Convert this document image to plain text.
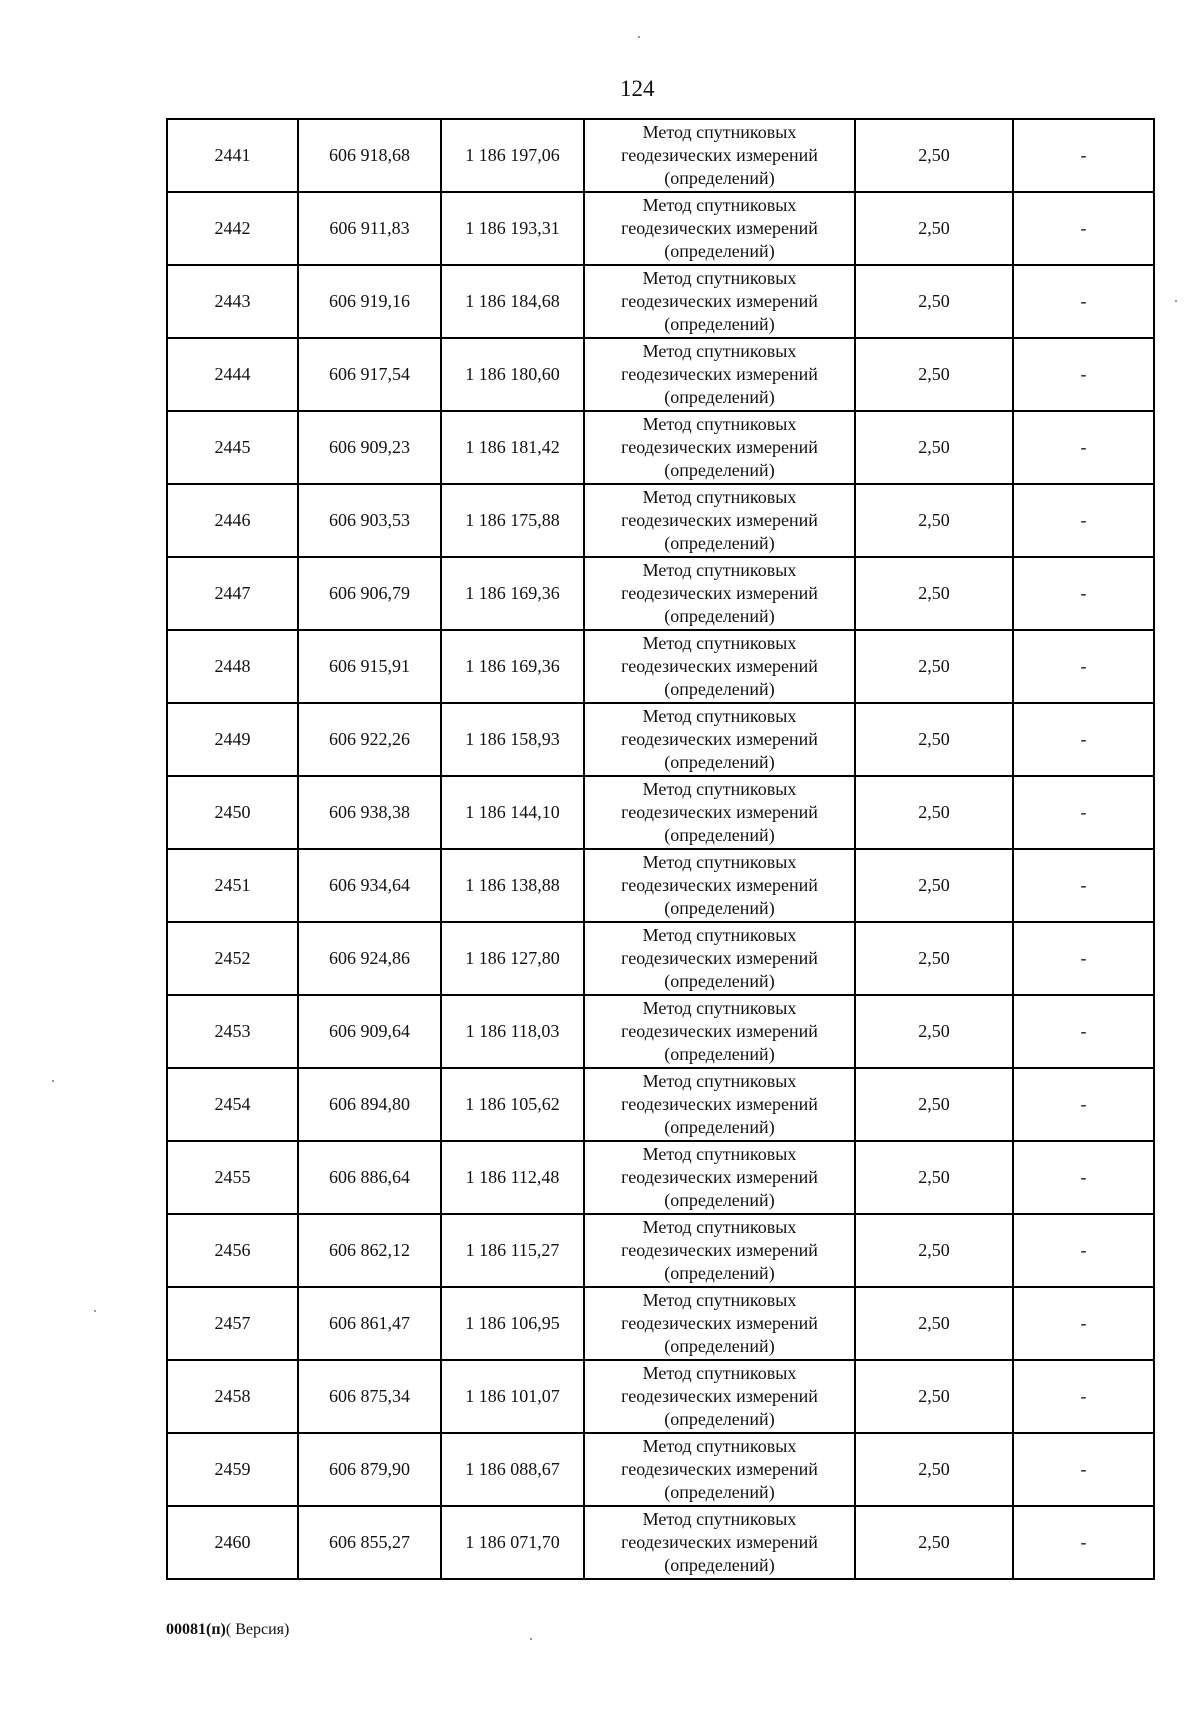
124
2441	606 918,68	1 186 197,06	Метод спутниковых
геодезических измерений
(определений)	2,50	-
2442	606 911,83	1 186 193,31	Метод спутниковых
геодезических измерений
(определений)	2,50	-
2443	606 919,16	1 186 184,68	Метод спутниковых
геодезических измерений
(определений)	2,50	-
2444	606 917,54	1 186 180,60	Метод спутниковых
геодезических измерений
(определений)	2,50	-
2445	606 909,23	1 186 181,42	Метод спутниковых
геодезических измерений
(определений)	2,50	-
2446	606 903,53	1 186 175,88	Метод спутниковых
геодезических измерений
(определений)	2,50	-
2447	606 906,79	1 186 169,36	Метод спутниковых
геодезических измерений
(определений)	2,50	-
2448	606 915,91	1 186 169,36	Метод спутниковых
геодезических измерений
(определений)	2,50	-
2449	606 922,26	1 186 158,93	Метод спутниковых
геодезических измерений
(определений)	2,50	-
2450	606 938,38	1 186 144,10	Метод спутниковых
геодезических измерений
(определений)	2,50	-
2451	606 934,64	1 186 138,88	Метод спутниковых
геодезических измерений
(определений)	2,50	-
2452	606 924,86	1 186 127,80	Метод спутниковых
геодезических измерений
(определений)	2,50	-
2453	606 909,64	1 186 118,03	Метод спутниковых
геодезических измерений
(определений)	2,50	-
2454	606 894,80	1 186 105,62	Метод спутниковых
геодезических измерений
(определений)	2,50	-
2455	606 886,64	1 186 112,48	Метод спутниковых
геодезических измерений
(определений)	2,50	-
2456	606 862,12	1 186 115,27	Метод спутниковых
геодезических измерений
(определений)	2,50	-
2457	606 861,47	1 186 106,95	Метод спутниковых
геодезических измерений
(определений)	2,50	-
2458	606 875,34	1 186 101,07	Метод спутниковых
геодезических измерений
(определений)	2,50	-
2459	606 879,90	1 186 088,67	Метод спутниковых
геодезических измерений
(определений)	2,50	-
2460	606 855,27	1 186 071,70	Метод спутниковых
геодезических измерений
(определений)	2,50	-
00081(п)( Версия)
